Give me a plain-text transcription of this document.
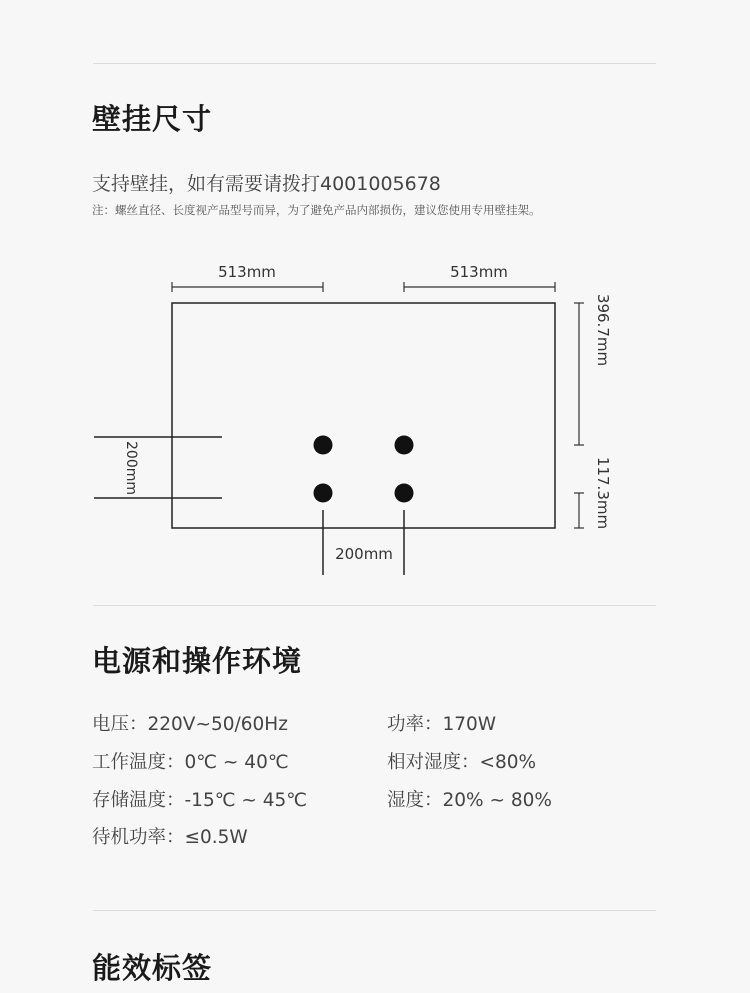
壁挂尺寸
支持壁挂，如有需要请拨打4001005678
注：螺丝直径、长度视产品型号而异，为了避免产品内部损伤，建议您使用专用壁挂架。
513mm	513mm
396.7mm
117.3mm
200mm
200mm
电源和操作环境
电压：220V~50/60Hz	功率：170W
工作温度：0℃ ~ 40℃	相对湿度：<80%
存储温度：-15℃ ~ 45℃	湿度：20% ~ 80%
待机功率：≤0.5W
能效标签
